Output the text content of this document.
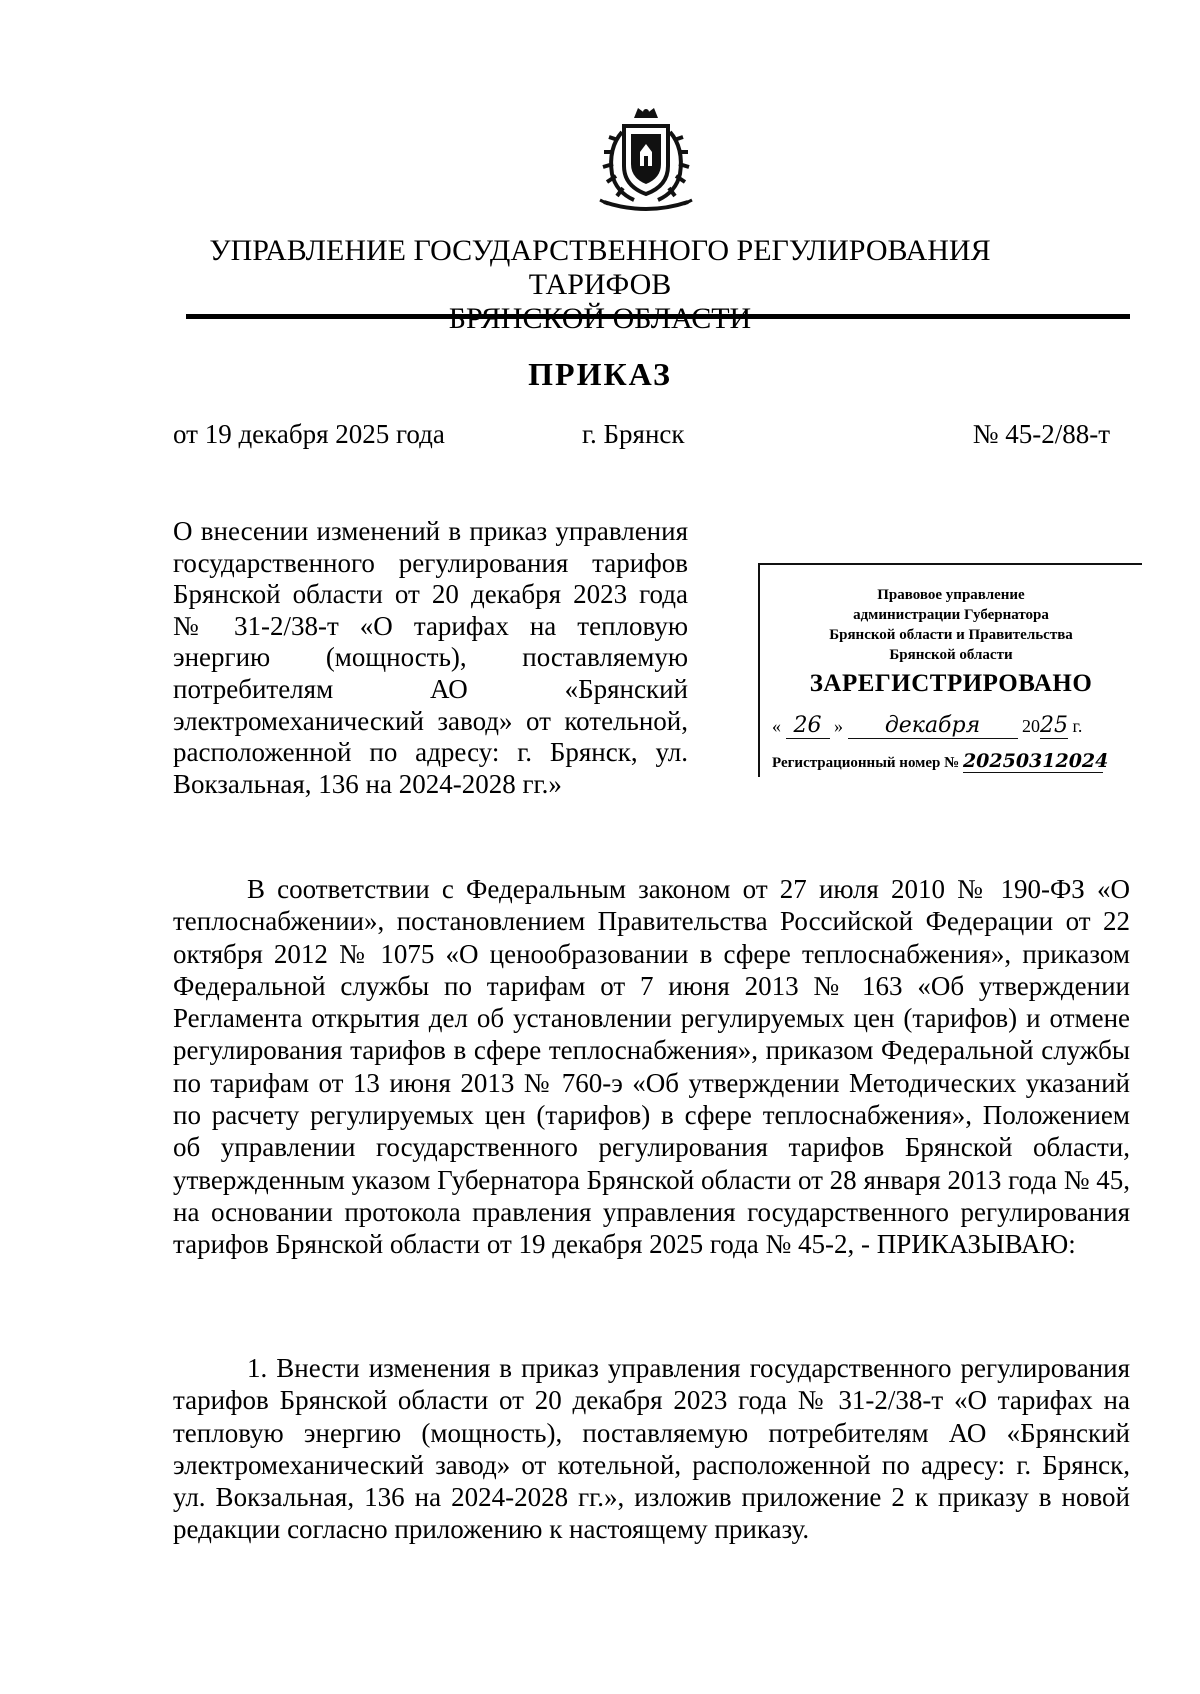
УПРАВЛЕНИЕ ГОСУДАРСТВЕННОГО РЕГУЛИРОВАНИЯ ТАРИФОВ
ПРИКАЗ
от 19 декабря 2025 года	г. Брянск	№ 45-2/88-т
О внесении изменений в приказ управления государственного регулирования тарифов Брянской области от 20 декабря 2023 года № 31-2/38-т «О тарифах на тепловую энергию (мощность), поставляемую потребителям АО «Брянский электромеханический завод» от котельной, расположенной по адресу: г. Брянск, ул. Вокзальная, 136 на 2024-2028 гг.»
Правовое управление
администрации Губернатора
Брянской области и Правительства
Брянской области
ЗАРЕГИСТРИРОВАНО
« 26 » декабря 2025 г.
Регистрационный номер № 20250312024
В соответствии с Федеральным законом от 27 июля 2010 № 190-ФЗ «О теплоснабжении», постановлением Правительства Российской Федерации от 22 октября 2012 № 1075 «О ценообразовании в сфере теплоснабжения», приказом Федеральной службы по тарифам от 7 июня 2013 № 163 «Об утверждении Регламента открытия дел об установлении регулируемых цен (тарифов) и отмене регулирования тарифов в сфере теплоснабжения», приказом Федеральной службы по тарифам от 13 июня 2013 № 760-э «Об утверждении Методических указаний по расчету регулируемых цен (тарифов) в сфере теплоснабжения», Положением об управлении государственного регулирования тарифов Брянской области, утвержденным указом Губернатора Брянской области от 28 января 2013 года № 45, на основании протокола правления управления государственного регулирования тарифов Брянской области от 19 декабря 2025 года № 45-2, - ПРИКАЗЫВАЮ:
1. Внести изменения в приказ управления государственного регулирования тарифов Брянской области от 20 декабря 2023 года № 31-2/38-т «О тарифах на тепловую энергию (мощность), поставляемую потребителям АО «Брянский электромеханический завод» от котельной, расположенной по адресу: г. Брянск, ул. Вокзальная, 136 на 2024-2028 гг.», изложив приложение 2 к приказу в новой редакции согласно приложению к настоящему приказу.
